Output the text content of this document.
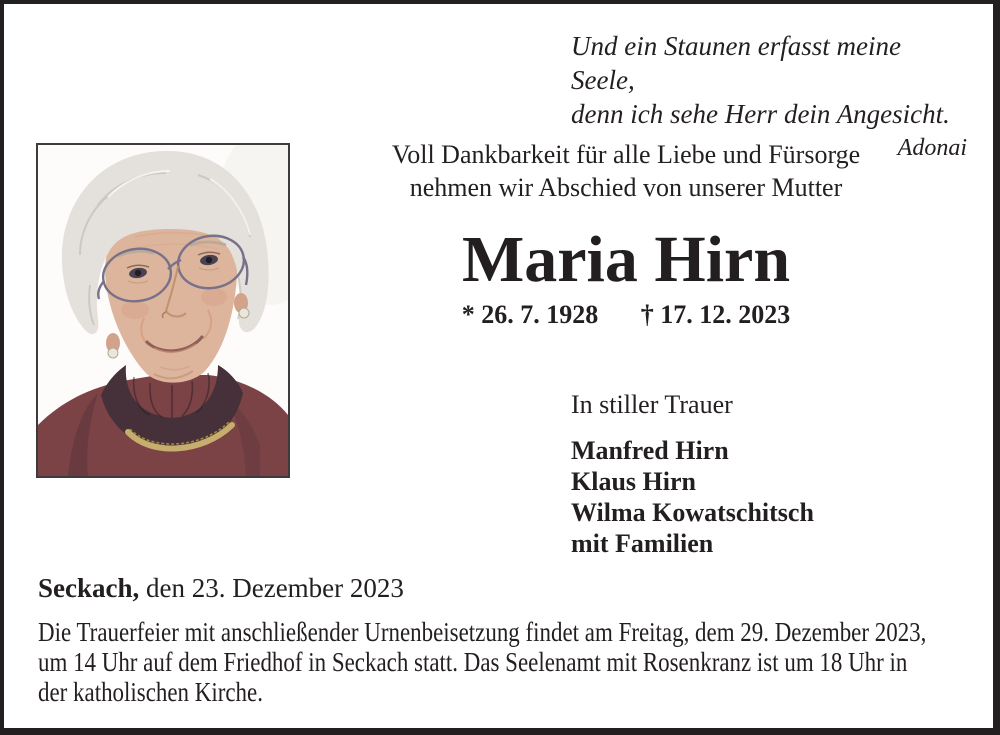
Und ein Staunen erfasst meine Seele,
denn ich sehe Herr dein Angesicht.
Adonai
Voll Dankbarkeit für alle Liebe und Fürsorge
nehmen wir Abschied von unserer Mutter
Maria Hirn
* 26. 7. 1928 † 17. 12. 2023
In stiller Trauer
Manfred Hirn
Klaus Hirn
Wilma Kowatschitsch
mit Familien
Seckach, den 23. Dezember 2023
Die Trauerfeier mit anschließender Urnenbeisetzung findet am Freitag, dem 29. Dezember 2023,
um 14 Uhr auf dem Friedhof in Seckach statt. Das Seelenamt mit Rosenkranz ist um 18 Uhr in
der katholischen Kirche.
